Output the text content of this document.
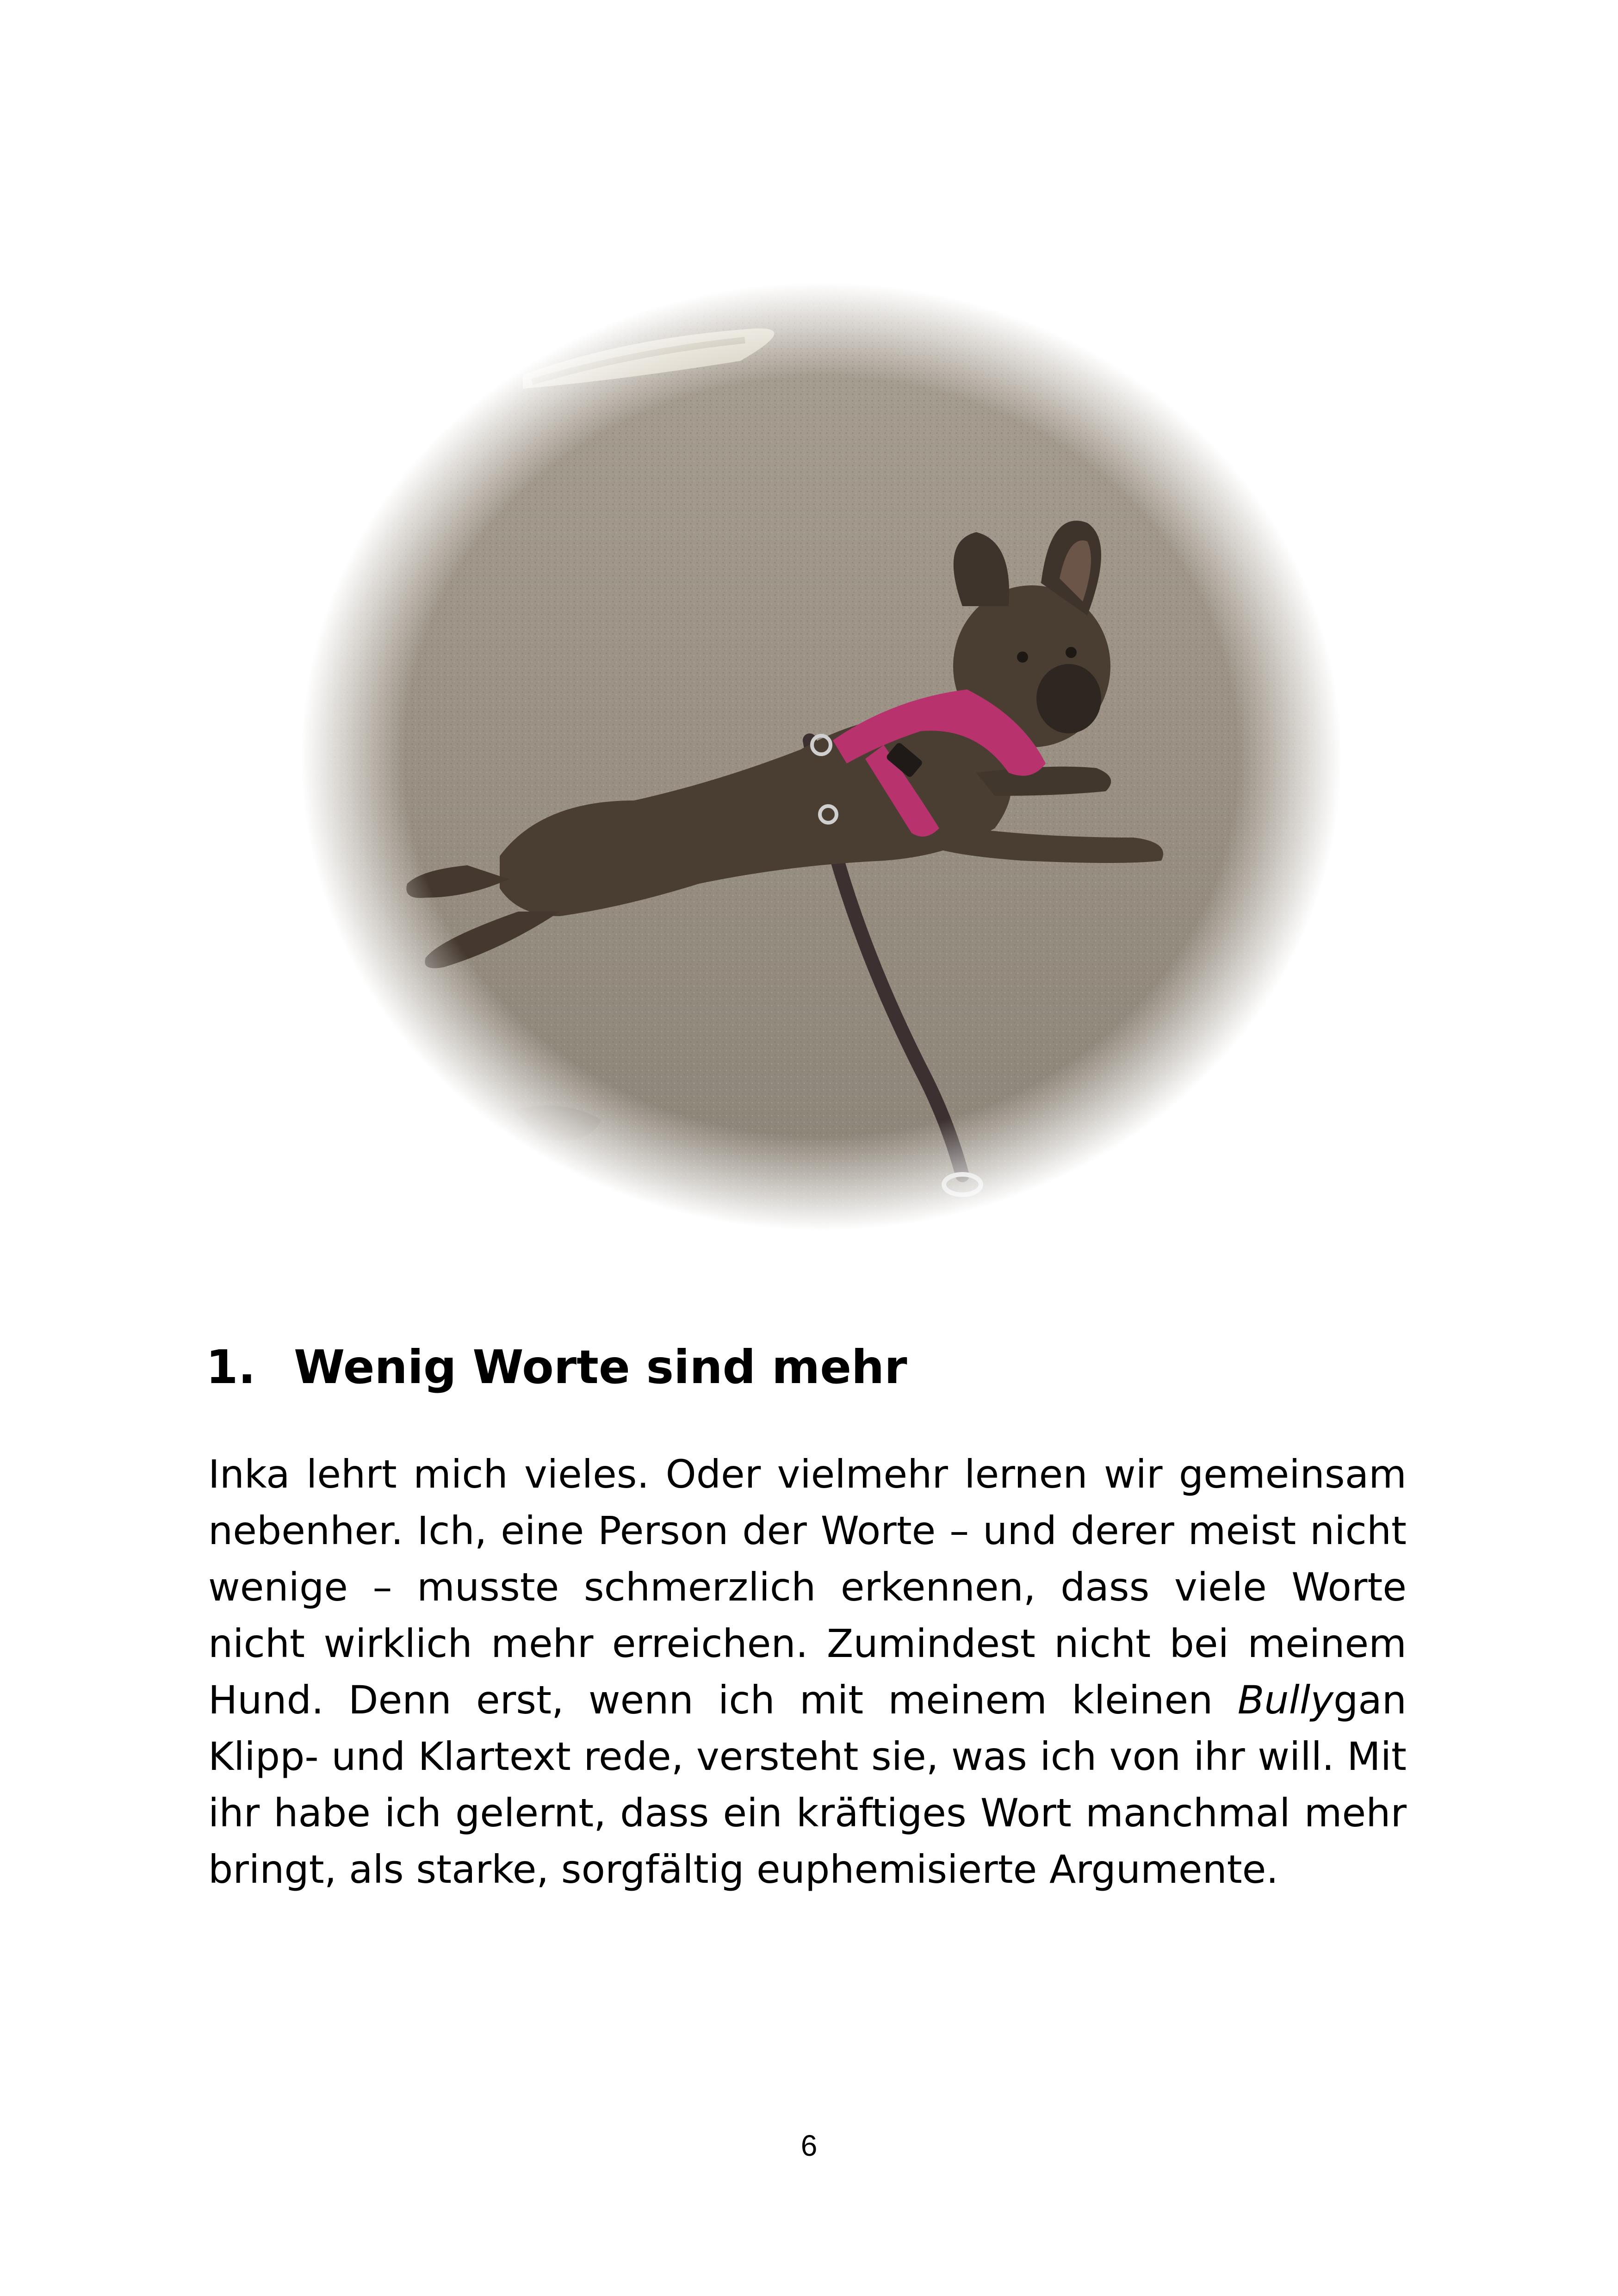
1. Wenig Worte sind mehr
Inka lehrt mich vieles. Oder vielmehr lernen wir gemeinsam nebenher. Ich, eine Person der Worte – und derer meist nicht wenige – musste schmerzlich erkennen, dass viele Worte nicht wirklich mehr erreichen. Zumindest nicht bei meinem Hund. Denn erst, wenn ich mit meinem kleinen Bullygan Klipp- und Klartext rede, versteht sie, was ich von ihr will. Mit ihr habe ich gelernt, dass ein kräftiges Wort manchmal mehr bringt, als starke, sorgfältig euphemisierte Argumente.
6
